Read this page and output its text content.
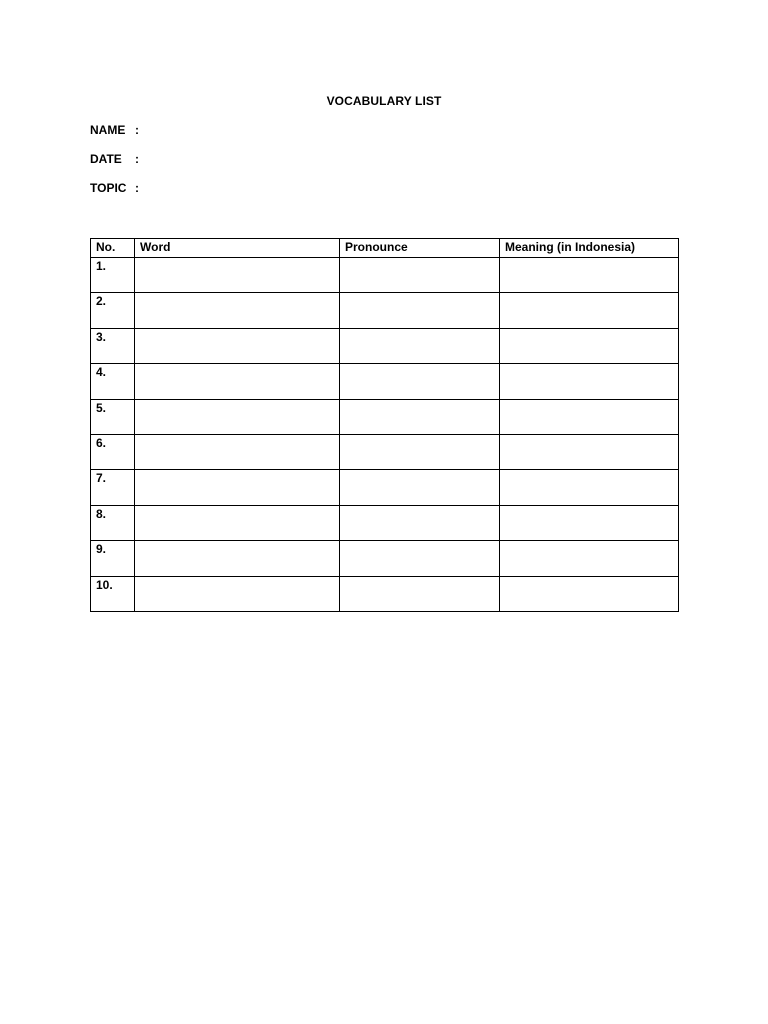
VOCABULARY LIST
NAME :
DATE	:
TOPIC :
No.	Word	Pronounce	Meaning (in Indonesia)
1.			
2.			
3.			
4.			
5.			
6.			
7.			
8.			
9.			
10.			
